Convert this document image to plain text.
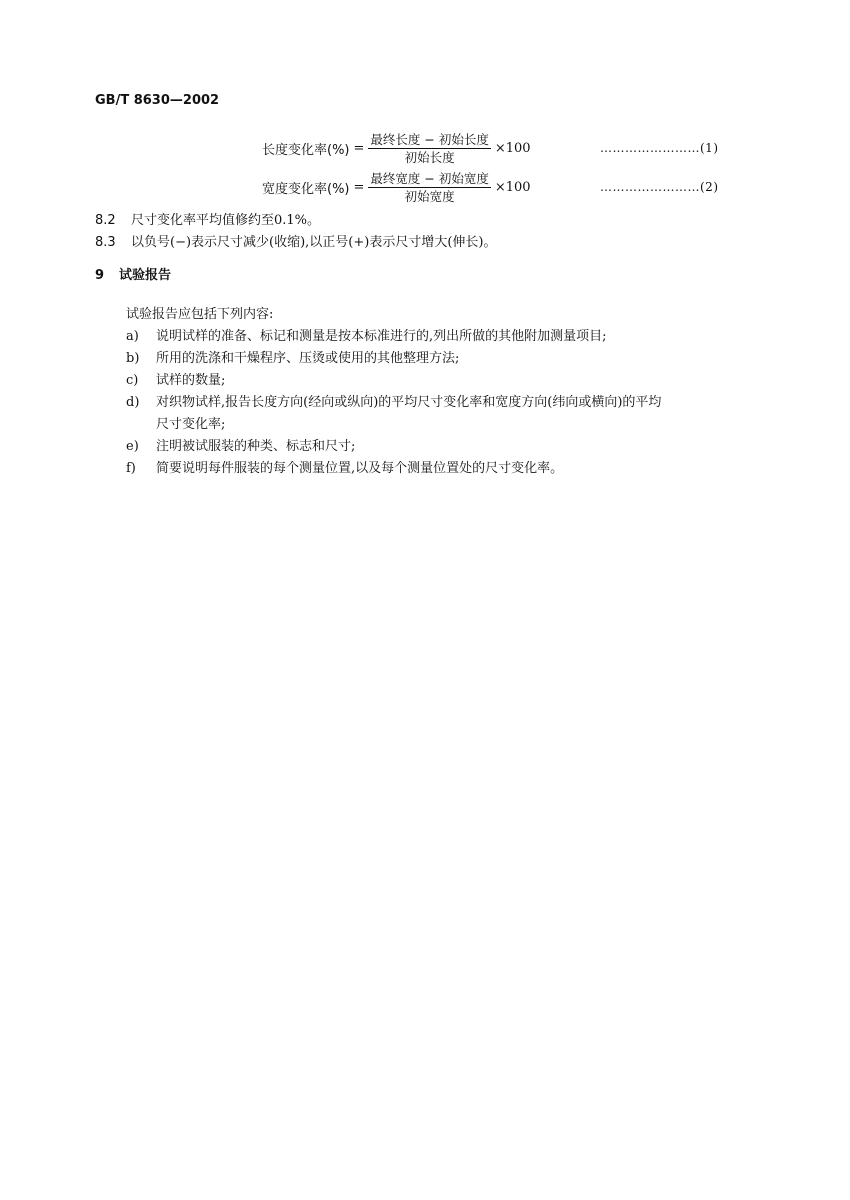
GB/T 8630—2002
长度变化率(%) = $\frac{\text{最终长度 − 初始长度}}{\text{初始长度}} \times 100$	……………………(1)
宽度变化率(%) = $\frac{\text{最终宽度 − 初始宽度}}{\text{初始宽度}} \times 100$	……………………(2)
8.2 尺寸变化率平均值修约至0.1%。
8.3 以负号(−)表示尺寸减少(收缩),以正号(+)表示尺寸增大(伸长)。
9 试验报告
试验报告应包括下列内容:
a) 说明试样的准备、标记和测量是按本标准进行的,列出所做的其他附加测量项目;
b) 所用的洗涤和干燥程序、压烫或使用的其他整理方法;
c) 试样的数量;
d) 对织物试样,报告长度方向(经向或纵向)的平均尺寸变化率和宽度方向(纬向或横向)的平均
尺寸变化率;
e) 注明被试服装的种类、标志和尺寸;
f) 简要说明每件服装的每个测量位置,以及每个测量位置处的尺寸变化率。
